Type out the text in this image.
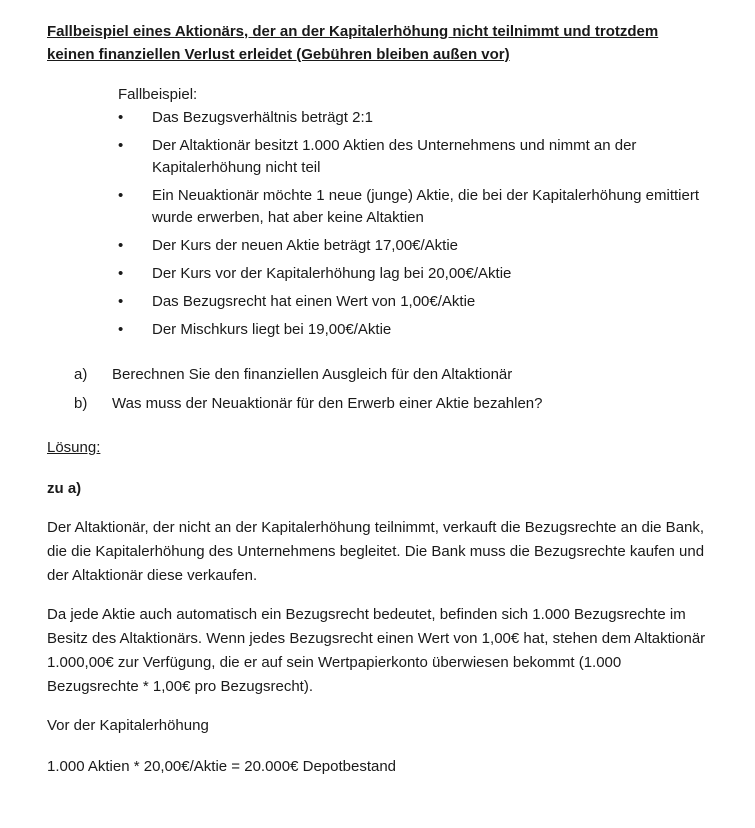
Fallbeispiel eines Aktionärs, der an der Kapitalerhöhung nicht teilnimmt und trotzdem
keinen finanziellen Verlust erleidet (Gebühren bleiben außen vor)
Fallbeispiel:
• Das Bezugsverhältnis beträgt 2:1
• Der Altaktionär besitzt 1.000 Aktien des Unternehmens und nimmt an der Kapitalerhöhung nicht teil
• Ein Neuaktionär möchte 1 neue (junge) Aktie, die bei der Kapitalerhöhung emittiert wurde erwerben, hat aber keine Altaktien
• Der Kurs der neuen Aktie beträgt 17,00€/Aktie
• Der Kurs vor der Kapitalerhöhung lag bei 20,00€/Aktie
• Das Bezugsrecht hat einen Wert von 1,00€/Aktie
• Der Mischkurs liegt bei 19,00€/Aktie
a) Berechnen Sie den finanziellen Ausgleich für den Altaktionär
b) Was muss der Neuaktionär für den Erwerb einer Aktie bezahlen?
Lösung:
zu a)

Der Altaktionär, der nicht an der Kapitalerhöhung teilnimmt, verkauft die Bezugsrechte an die Bank, die die Kapitalerhöhung des Unternehmens begleitet. Die Bank muss die Bezugsrechte kaufen und der Altaktionär diese verkaufen.

Da jede Aktie auch automatisch ein Bezugsrecht bedeutet, befinden sich 1.000 Bezugsrechte im Besitz des Altaktionärs. Wenn jedes Bezugsrecht einen Wert von 1,00€ hat, stehen dem Altaktionär 1.000,00€ zur Verfügung, die er auf sein Wertpapierkonto überwiesen bekommt (1.000 Bezugsrechte * 1,00€ pro Bezugsrecht).

Vor der Kapitalerhöhung

1.000 Aktien * 20,00€/Aktie = 20.000€ Depotbestand
